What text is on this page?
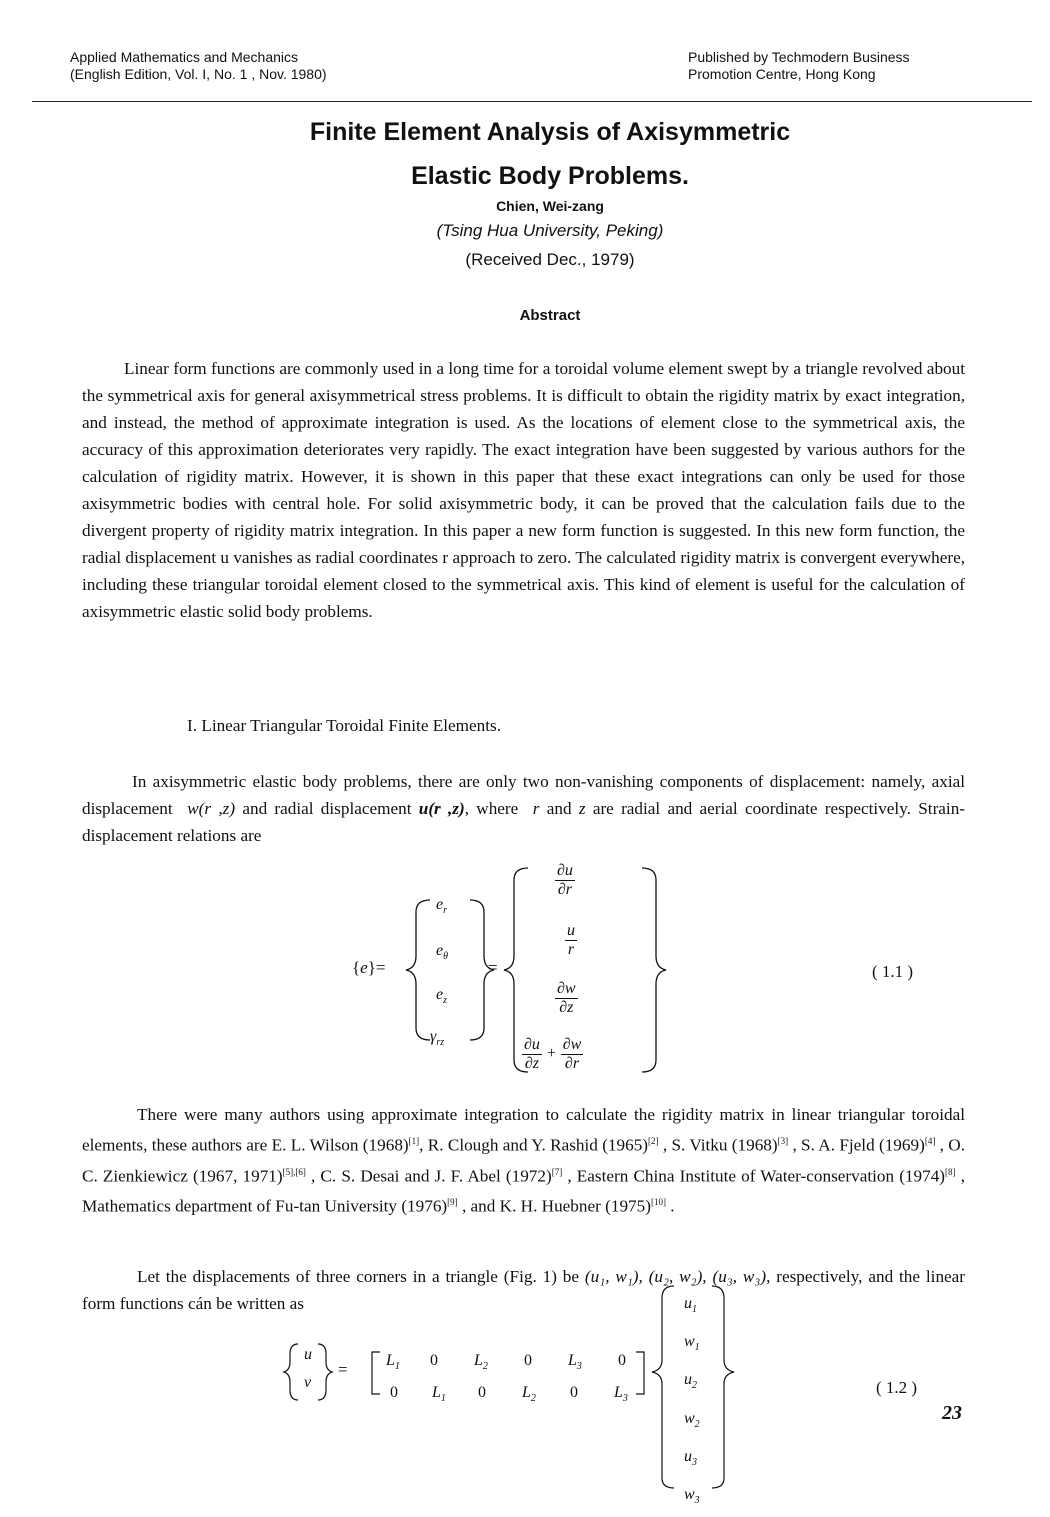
Applied Mathematics and Mechanics
(English Edition, Vol. I, No. 1 , Nov. 1980)
Published by Techmodern Business
Promotion Centre, Hong Kong
Finite Element Analysis of Axisymmetric
Elastic Body Problems.
Chien, Wei-zang
(Tsing Hua University, Peking)
(Received Dec., 1979)
Abstract

Linear form functions are commonly used in a long time for a toroidal volume element swept by a triangle revolved about the symmetrical axis for general axisymmetrical stress problems. It is difficult to obtain the rigidity matrix by exact integration, and instead, the method of approximate integration is used. As the locations of element close to the symmetrical axis, the accuracy of this approximation deteriorates very rapidly. The exact integration have been suggested by various authors for the calculation of rigidity matrix. However, it is shown in this paper that these exact integrations can only be used for those axisymmetric bodies with central hole. For solid axisymmetric body, it can be proved that the calculation fails due to the divergent property of rigidity matrix integration. In this paper a new form function is suggested. In this new form function, the radial displacement u vanishes as radial coordinates r approach to zero. The calculated rigidity matrix is convergent everywhere, including these triangular toroidal element closed to the symmetrical axis. This kind of element is useful for the calculation of axisymmetric elastic solid body problems.

I. Linear Triangular Toroidal Finite Elements.

In axisymmetric elastic body problems, there are only two non-vanishing components of displacement: namely, axial displacement w(r ,z) and radial displacement u(r ,z), where r and z are radial and aerial coordinate respectively. Strain-displacement relations are

{e}=
$e_r$
$e_\theta$
$e_z$
$\gamma_{rz}$
=
$\frac{\partial u}{\partial r}$
$\frac{u}{r}$
$\frac{\partial w}{\partial z}$
$\frac{\partial u}{\partial z} + \frac{\partial w}{\partial r}$
( 1.1 )

There were many authors using approximate integration to calculate the rigidity matrix in linear triangular toroidal elements, these authors are E. L. Wilson (1968)[1], R. Clough and Y. Rashid (1965)[2] , S. Vitku (1968)[3] , S. A. Fjeld (1969)[4] , O. C. Zienkiewicz (1967, 1971)[5],[6] , C. S. Desai and J. F. Abel (1972)[7] , Eastern China Institute of Water-conservation (1974)[8] , Mathematics department of Fu-tan University (1976)[9] , and K. H. Huebner (1975)[10] .

Let the displacements of three corners in a triangle (Fig. 1) be (u₁, w₁), (u₂, w₂), (u₃, w₃), respectively, and the linear form functions cán be written as

u
v
= $L_1$ 0 $L_2$ 0 $L_3$ 0
0 $L_1$ 0 $L_2$ 0 $L_3$
$u_1$
$w_1$
$u_2$
$w_2$
$u_3$
$w_3$
( 1.2 )
23
